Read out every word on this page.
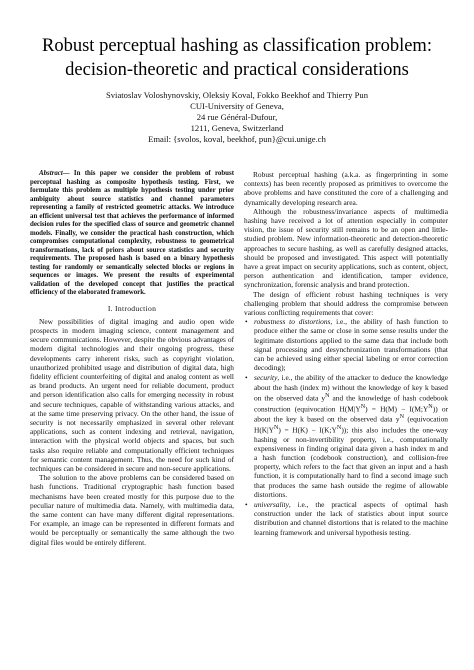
Robust perceptual hashing as classification problem:
decision-theoretic and practical considerations
Sviatoslav Voloshynovskiy, Oleksiy Koval, Fokko Beekhof and Thierry Pun
CUI-University of Geneva,
24 rue Général-Dufour,
1211, Geneva, Switzerland
Email: {svolos, koval, beekhof, pun}@cui.unige.ch

Abstract— In this paper we consider the problem of robust perceptual hashing as composite hypothesis testing. First, we formulate this problem as multiple hypothesis testing under prior ambiguity about source statistics and channel parameters representing a family of restricted geometric attacks. We introduce an efficient universal test that achieves the performance of informed decision rules for the specified class of source and geometric channel models. Finally, we consider the practical hash construction, which compromises computational complexity, robustness to geometrical transformations, lack of priors about source statistics and security requirements. The proposed hash is based on a binary hypothesis testing for randomly or semantically selected blocks or regions in sequences or images. We present the results of experimental validation of the developed concept that justifies the practical efficiency of the elaborated framework.

I. Introduction

New possibilities of digital imaging and audio open wide prospects in modern imaging science, content management and secure communications. However, despite the obvious advantages of modern digital technologies and their ongoing progress, these developments carry inherent risks, such as copyright violation, unauthorized prohibited usage and distribution of digital data, high fidelity efficient counterfeiting of digital and analog content as well as brand products. An urgent need for reliable document, product and person identification also calls for emerging necessity in robust and secure techniques, capable of withstanding various attacks, and at the same time preserving privacy. On the other hand, the issue of security is not necessarily emphasized in several other relevant applications, such as content indexing and retrieval, navigation, interaction with the physical world objects and spaces, but such tasks also require reliable and computationally efficient techniques for semantic content management. Thus, the need for such kind of techniques can be considered in secure and non-secure applications.

The solution to the above problems can be considered based on hash functions. Traditional cryptographic hash function based mechanisms have been created mostly for this purpose due to the peculiar nature of multimedia data. Namely, with multimedia data, the same content can have many different digital representations. For example, an image can be represented in different formats and would be perceptually or semantically the same although the two digital files would be entirely different.

Robust perceptual hashing (a.k.a. as fingerprinting in some contexts) has been recently proposed as primitives to overcome the above problems and have constituted the core of a challenging and dynamically developing research area.

Although the robustness/invariance aspects of multimedia hashing have received a lot of attention especially in computer vision, the issue of security still remains to be an open and little-studied problem. New information-theoretic and detection-theoretic approaches to secure hashing, as well as carefully designed attacks, should be proposed and investigated. This aspect will potentially have a great impact on security applications, such as content, object, person authentication and identification, tamper evidence, synchronization, forensic analysis and brand protection.

The design of efficient robust hashing techniques is very challenging problem that should address the compromise between various conflicting requirements that cover:

• robustness to distortions, i.e., the ability of hash function to produce either the same or close in some sense results under the legitimate distortions applied to the same data that include both signal processing and desynchronization transformations (that can be achieved using either special labeling or error correction decoding);
• security, i.e., the ability of the attacker to deduce the knowledge about the hash (index m) without the knowledge of key k based on the observed data $y^N$ and the knowledge of hash codebook construction (equivocation $H(M|Y^N) = H(M)$ − $I(M;Y^N)$) or about the key k based on the observed data $y^N$ (equivocation $H(K|Y^N) = H(K)$ − $I(K;Y^N)$); this also includes the one-way hashing or non-invertibility property, i.e., computationally expensiveness in finding original data given a hash index m and a hash function (codebook construction), and collision-free property, which refers to the fact that given an input and a hash function, it is computationally hard to find a second image such that produces the same hash outside the regime of allowable distortions.
• universality, i.e., the practical aspects of optimal hash construction under the lack of statistics about input source distribution and channel distortions that is related to the machine learning framework and universal hypothesis testing.
